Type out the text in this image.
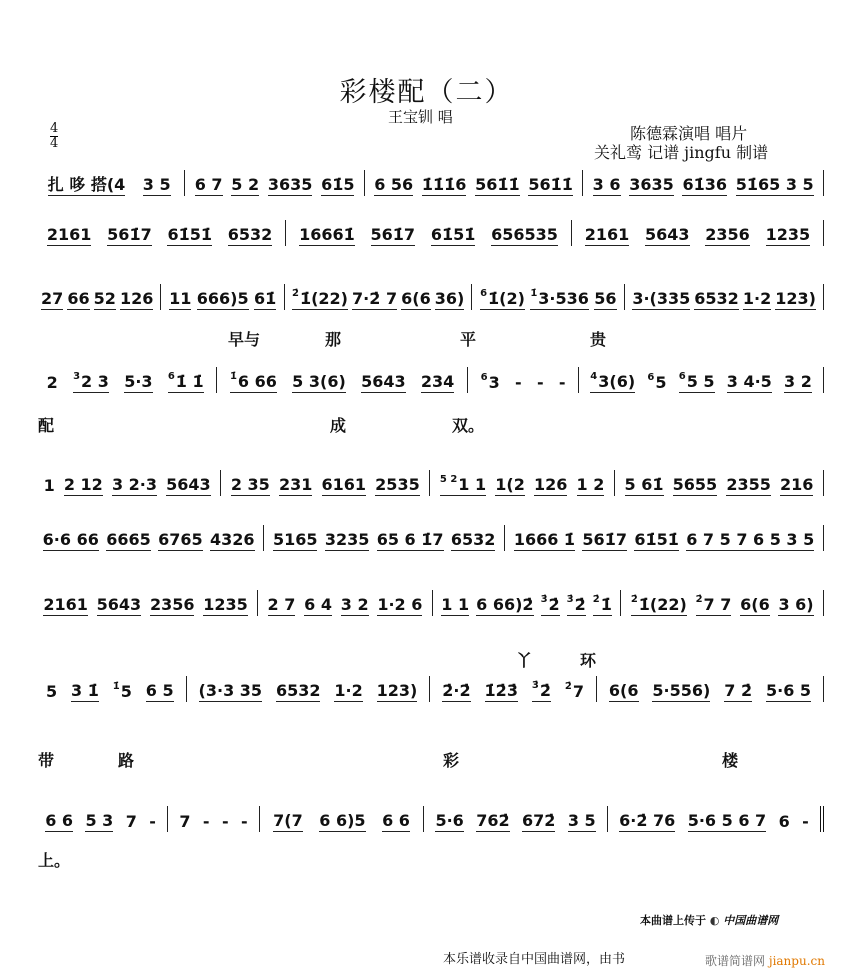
彩楼配（二）
王宝钏 唱
陈德霖演唱 唱片
关礼鸾 记谱 jingfu 制谱
4
4
扎 哆 搭(4 3 5 6 7 5 2 3635 61̇5 6 56 1̇1̇1̇6 561̇1̇ 561̇1̇ 3 6 3635 61̇36 51̇65 3 5
2161 561̇7 61̇51̇ 6532 16661̇ 561̇7 61̇51̇ 656535 2161 5643 2356 1235
27 66 52 126 11 666)5 61̇ $^{2̇}$1̇(22) 7·2̇ 7 6(6 36) $^6$1̇(2) $^{1̇}$3·536 56 3·(335 6532 1·2 123)
早与	那	平	贵
2 $^3$2 3 5·3 $^6$1̇ 1̇	$^{1̇}$6 66 5 3(6) 5643 234	$^6$3 - - - $^4$3(6) $^6$5 $^6$5 5 3 4·5 3 2
配	成	双。
1 2 12 3 2·3 5643 2 35 231 6161 2535 $^{5 2}$1 1 1(2 126 1 2 5 61̇ 5655 2355 216
6·6 66 6665 6765 4326 5165 3235 65 6 1̇7 6532 1666 1̇ 561̇7 61̇51̇ 6 7 5 7 6 5 3 5
2161 5643 2356 1235 2 7 6 4 3 2 1·2 6 1 1 6 66)2̇ $^{3̇}$2̇ $^{3̇}$2̇ $^{2̇}$1̇ $^{2̇}$1̇(22) $^{2̇}$7 7 6(6 3 6)
丫	环
5 3 1̇ $^{1̇}$5 6 5 (3·3 35 6532 1·2 123) 2̇·2̇ 1̇2̇3̇ $^{3̇}$2̇ $^{2̇}$7 6(6 5·556) 7 2̇ 5·6 5
带	路	彩	楼
6 6 5 3 7 - 7 - - - 7(7 6 6)5 6 6 5·6 762̇ 672̇ 3 5 6·2̇ 76 5·6 5 6 7 6 -
上。
本曲谱上传于 ◐ 中国曲谱网
本乐谱收录自中国曲谱网，由书	歌谱简谱网 jianpu.cn
